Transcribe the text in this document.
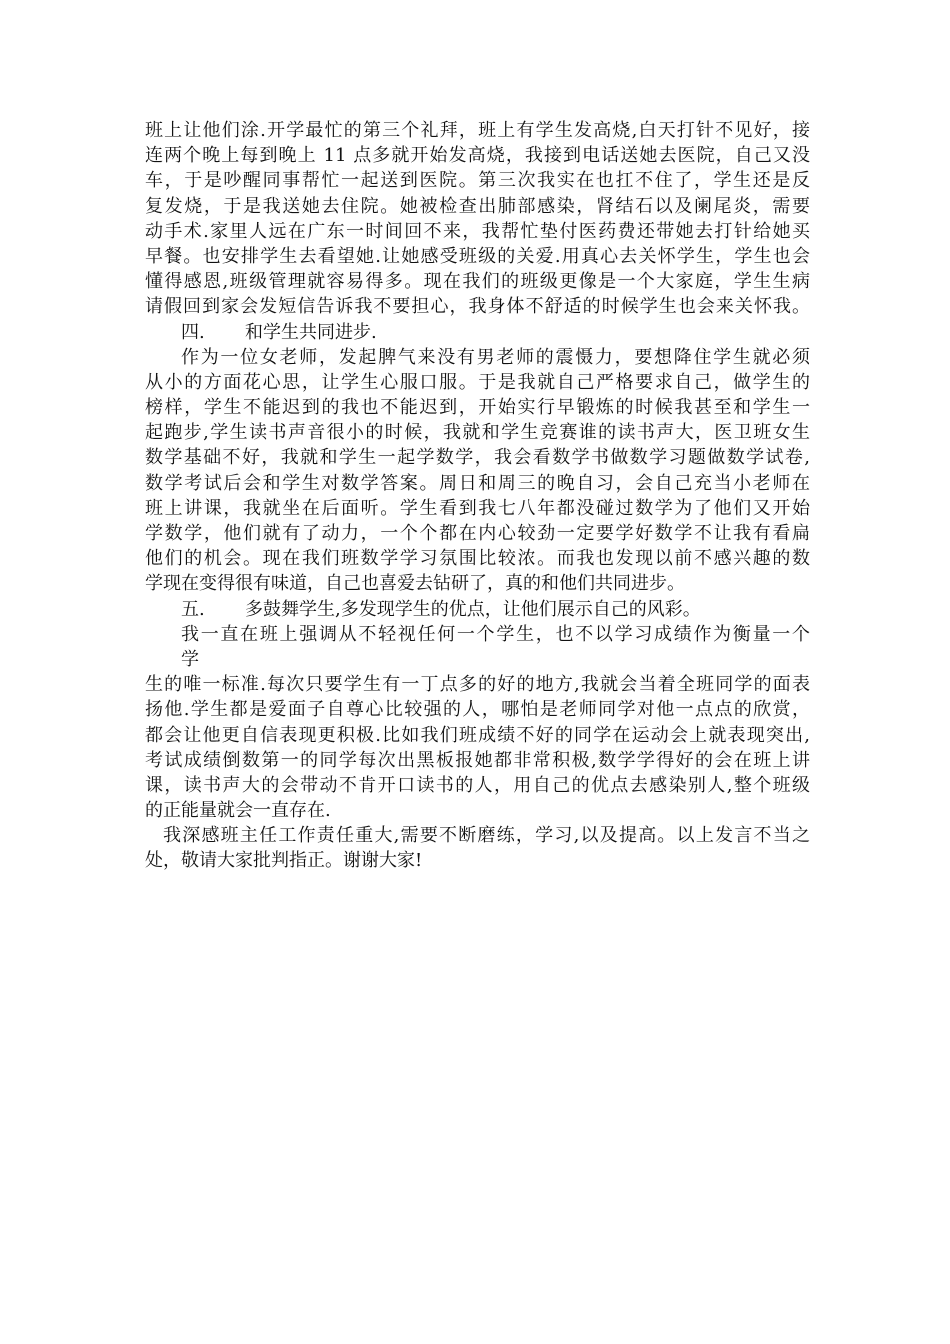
班上让他们涂.开学最忙的第三个礼拜，班上有学生发高烧,白天打针不见好，接
连两个晚上每到晚上 11 点多就开始发高烧，我接到电话送她去医院，自己又没
车，于是吵醒同事帮忙一起送到医院。第三次我实在也扛不住了，学生还是反
复发烧，于是我送她去住院。她被检查出肺部感染，肾结石以及阑尾炎，需要
动手术.家里人远在广东一时间回不来，我帮忙垫付医药费还带她去打针给她买
早餐。也安排学生去看望她.让她感受班级的关爱.用真心去关怀学生，学生也会
懂得感恩,班级管理就容易得多。现在我们的班级更像是一个大家庭，学生生病
请假回到家会发短信告诉我不要担心，我身体不舒适的时候学生也会来关怀我。
四. 和学生共同进步.
作为一位女老师，发起脾气来没有男老师的震慑力，要想降住学生就必须
从小的方面花心思，让学生心服口服。于是我就自己严格要求自己，做学生的
榜样，学生不能迟到的我也不能迟到，开始实行早锻炼的时候我甚至和学生一
起跑步,学生读书声音很小的时候，我就和学生竞赛谁的读书声大，医卫班女生
数学基础不好，我就和学生一起学数学，我会看数学书做数学习题做数学试卷,
数学考试后会和学生对数学答案。周日和周三的晚自习，会自己充当小老师在
班上讲课，我就坐在后面听。学生看到我七八年都没碰过数学为了他们又开始
学数学，他们就有了动力，一个个都在内心较劲一定要学好数学不让我有看扁
他们的机会。现在我们班数学学习氛围比较浓。而我也发现以前不感兴趣的数
学现在变得很有味道，自己也喜爱去钻研了，真的和他们共同进步。
五. 多鼓舞学生,多发现学生的优点，让他们展示自己的风彩。
我一直在班上强调从不轻视任何一个学生，也不以学习成绩作为衡量一个
学
生的唯一标准.每次只要学生有一丁点多的好的地方,我就会当着全班同学的面表
扬他.学生都是爱面子自尊心比较强的人，哪怕是老师同学对他一点点的欣赏，
都会让他更自信表现更积极.比如我们班成绩不好的同学在运动会上就表现突出,
考试成绩倒数第一的同学每次出黑板报她都非常积极,数学学得好的会在班上讲
课，读书声大的会带动不肯开口读书的人，用自己的优点去感染别人,整个班级
的正能量就会一直存在.
我深感班主任工作责任重大,需要不断磨练，学习,以及提高。以上发言不当之
处，敬请大家批判指正。谢谢大家!
